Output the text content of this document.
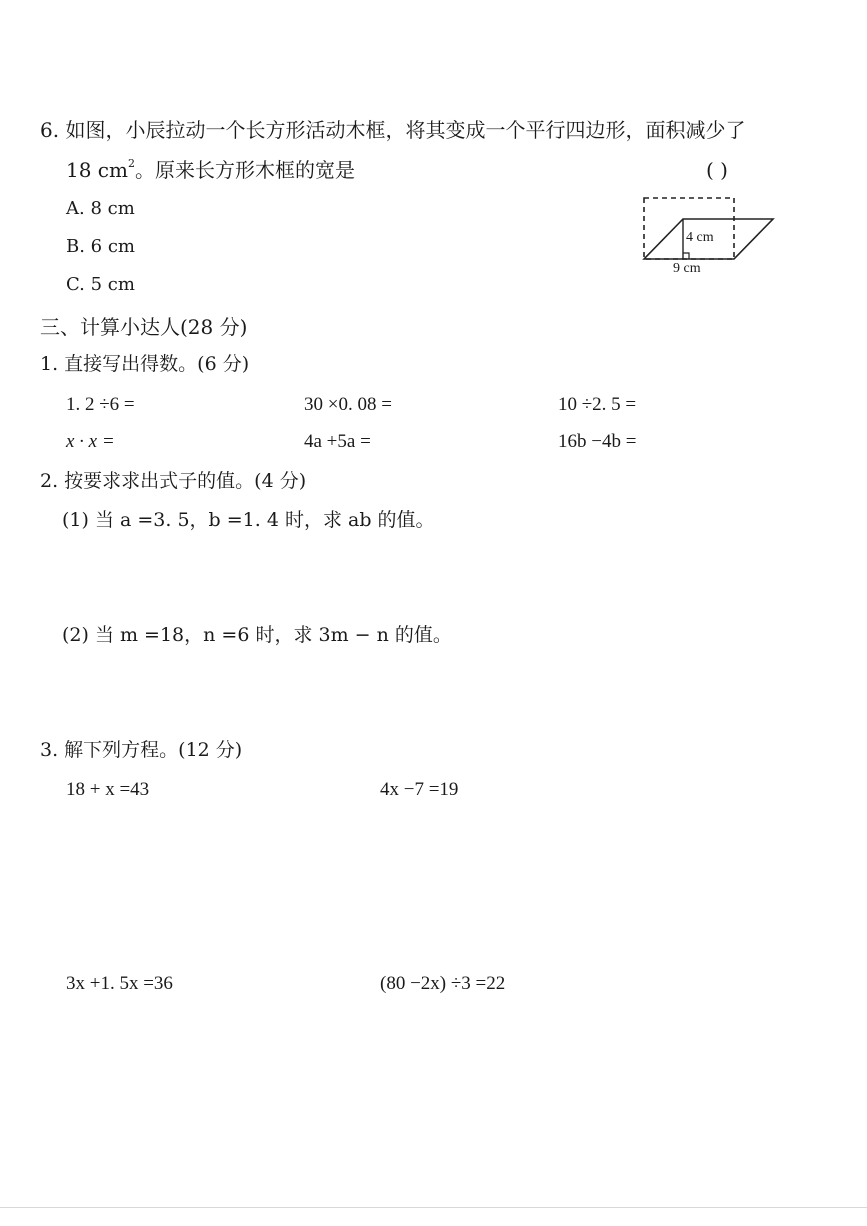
6. 如图，小辰拉动一个长方形活动木框，将其变成一个平行四边形，面积减少了
18 $cm^2$。原来长方形木框的宽是	( )
A. 8 cm
B. 6 cm
C. 5 cm
4 cm
9 cm
三、计算小达人(28 分)
1. 直接写出得数。(6 分)
1. 2 ÷6 =	30 ×0. 08 =	10 ÷2. 5 =
x · x =	4a +5a =	16b −4b =
2. 按要求求出式子的值。(4 分)
(1) 当 a =3. 5，b =1. 4 时，求 ab 的值。
(2) 当 m =18，n =6 时，求 3m − n 的值。
3. 解下列方程。(12 分)
18 + x =43	4x −7 =19
3x +1. 5x =36	(80 −2x) ÷3 =22
